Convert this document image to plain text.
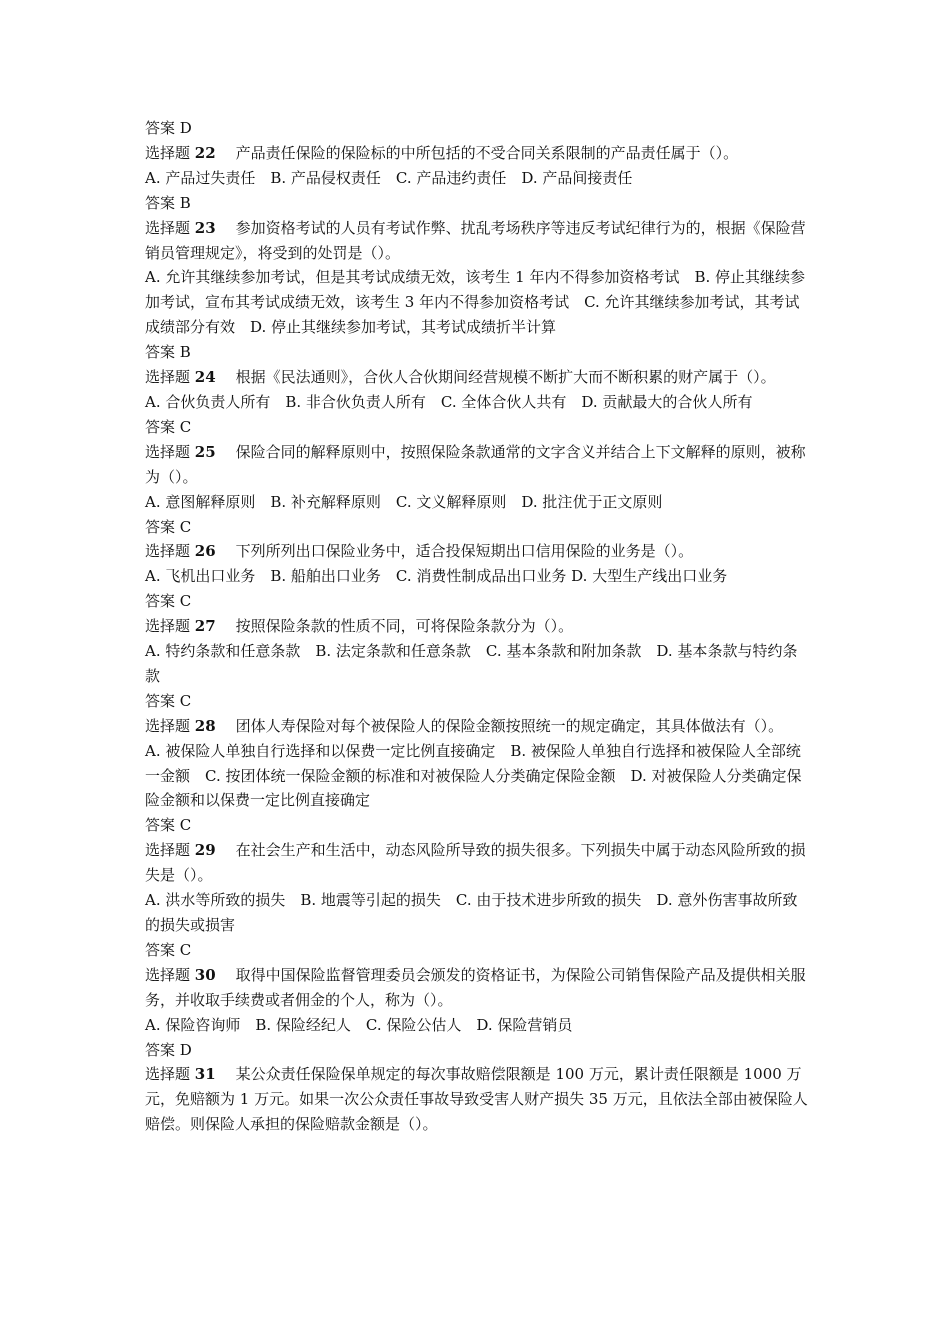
答案 D

选择题 22 产品责任保险的保险标的中所包括的不受合同关系限制的产品责任属于（）。

A. 产品过失责任　B. 产品侵权责任　C. 产品违约责任　D. 产品间接责任

答案 B

选择题 23 参加资格考试的人员有考试作弊、扰乱考场秩序等违反考试纪律行为的，根据《保险营销员管理规定》，将受到的处罚是（）。

A. 允许其继续参加考试，但是其考试成绩无效，该考生 1 年内不得参加资格考试　B. 停止其继续参加考试，宣布其考试成绩无效，该考生 3 年内不得参加资格考试　C. 允许其继续参加考试，其考试成绩部分有效　D. 停止其继续参加考试，其考试成绩折半计算

答案 B

选择题 24 根据《民法通则》，合伙人合伙期间经营规模不断扩大而不断积累的财产属于（）。

A. 合伙负责人所有　B. 非合伙负责人所有　C. 全体合伙人共有　D. 贡献最大的合伙人所有

答案 C

选择题 25 保险合同的解释原则中，按照保险条款通常的文字含义并结合上下文解释的原则，被称为（）。

A. 意图解释原则　B. 补充解释原则　C. 文义解释原则　D. 批注优于正文原则

答案 C

选择题 26 下列所列出口保险业务中，适合投保短期出口信用保险的业务是（）。

A. 飞机出口业务　B. 船舶出口业务　C. 消费性制成品出口业务 D. 大型生产线出口业务

答案 C

选择题 27 按照保险条款的性质不同，可将保险条款分为（）。

A. 特约条款和任意条款　B. 法定条款和任意条款　C. 基本条款和附加条款　D. 基本条款与特约条款

答案 C

选择题 28 团体人寿保险对每个被保险人的保险金额按照统一的规定确定，其具体做法有（）。

A. 被保险人单独自行选择和以保费一定比例直接确定　B. 被保险人单独自行选择和被保险人全部统一金额　C. 按团体统一保险金额的标准和对被保险人分类确定保险金额　D. 对被保险人分类确定保险金额和以保费一定比例直接确定

答案 C

选择题 29 在社会生产和生活中，动态风险所导致的损失很多。下列损失中属于动态风险所致的损失是（）。

A. 洪水等所致的损失　B. 地震等引起的损失　C. 由于技术进步所致的损失　D. 意外伤害事故所致的损失或损害

答案 C

选择题 30 取得中国保险监督管理委员会颁发的资格证书，为保险公司销售保险产品及提供相关服务，并收取手续费或者佣金的个人，称为（）。

A. 保险咨询师　B. 保险经纪人　C. 保险公估人　D. 保险营销员

答案 D

选择题 31 某公众责任保险保单规定的每次事故赔偿限额是 100 万元，累计责任限额是 1000 万元，免赔额为 1 万元。如果一次公众责任事故导致受害人财产损失 35 万元，且依法全部由被保险人赔偿。则保险人承担的保险赔款金额是（）。
